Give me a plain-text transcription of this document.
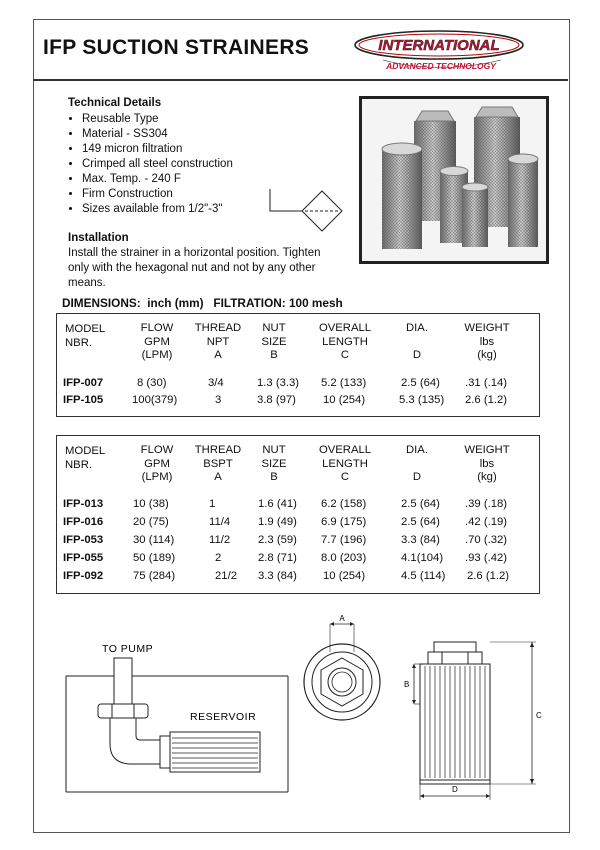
IFP SUCTION STRAINERS	INTERNATIONAL
ADVANCED TECHNOLOGY
Technical Details
• Reusable Type
• Material - SS304
• 149 micron filtration
• Crimped all steel construction
• Max. Temp. - 240 F
• Firm Construction
• Sizes available from 1/2"-3"
Installation
Install the strainer in a horizontal position. Tighten only with the hexagonal nut and not by any other means.
DIMENSIONS:  inch (mm)   FILTRATION: 100 mesh
MODEL
NBR.
FLOW
GPM
(LPM)
THREAD
NPT
A
NUT
SIZE
B
OVERALL
LENGTH
C
DIA.
D
WEIGHT
lbs
(kg)
IFP-007	8 (30)	3/4	1.3 (3.3) 5.2 (133)	2.5 (64) .31 (.14)
IFP-105	100(379)	3	3.8 (97) 10 (254)	5.3 (135) 2.6 (1.2)
MODEL
NBR.
FLOW
GPM
(LPM)
THREAD
BSPT
A
NUT
SIZE
B
OVERALL
LENGTH
C
DIA.
D
WEIGHT
lbs
(kg)
IFP-013	10 (38)	1	1.6 (41) 6.2 (158)	2.5 (64) .39 (.18)
IFP-016	20 (75)	11/4 1.9 (49) 6.9 (175)	2.5 (64) .42 (.19)
IFP-053	30 (114)	11/2 2.3 (59) 7.7 (196)	3.3 (84) .70 (.32)
IFP-055	50 (189)	2	2.8 (71) 8.0 (203)	4.1(104) .93 (.42)
IFP-092	75 (284)	21/2 3.3 (84) 10 (254)	4.5 (114) 2.6 (1.2)
TO PUMP
RESERVOIR
A
B
C
D
